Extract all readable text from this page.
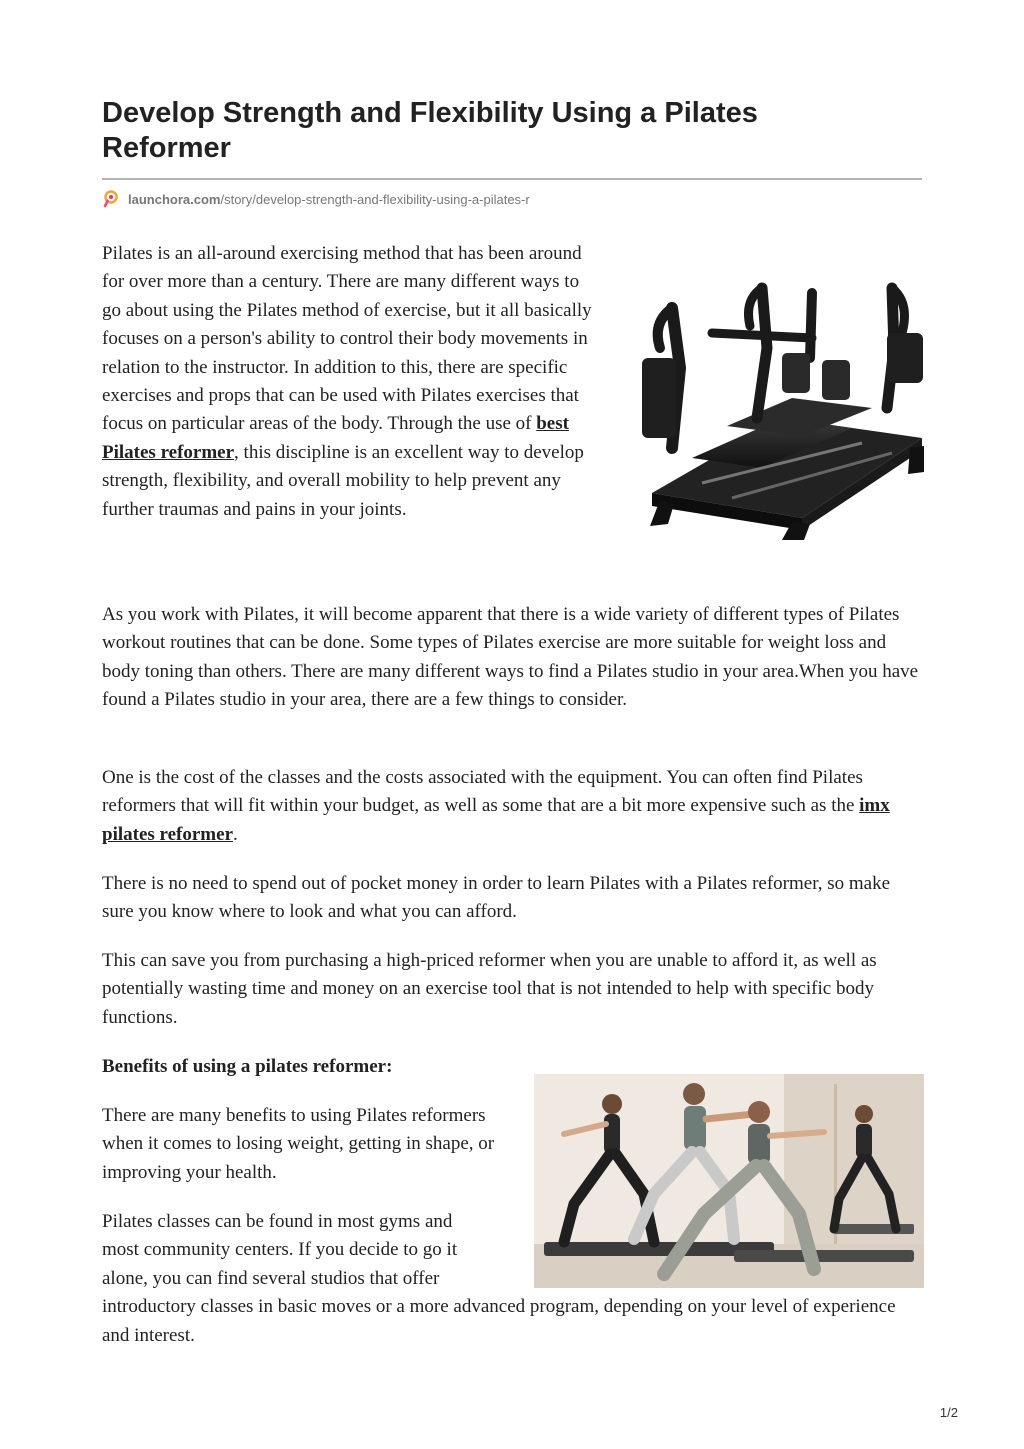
Develop Strength and Flexibility Using a Pilates Reformer
launchora.com /story/develop-strength-and-flexibility-using-a-pilates-r

Pilates is an all-around exercising method that has been around for over more than a century. There are many different ways to go about using the Pilates method of exercise, but it all basically focuses on a person's ability to control their body movements in relation to the instructor. In addition to this, there are specific exercises and props that can be used with Pilates exercises that focus on particular areas of the body. Through the use of best Pilates reformer, this discipline is an excellent way to develop strength, flexibility, and overall mobility to help prevent any further traumas and pains in your joints.

As you work with Pilates, it will become apparent that there is a wide variety of different types of Pilates workout routines that can be done. Some types of Pilates exercise are more suitable for weight loss and body toning than others. There are many different ways to find a Pilates studio in your area.When you have found a Pilates studio in your area, there are a few things to consider.

One is the cost of the classes and the costs associated with the equipment. You can often find Pilates reformers that will fit within your budget, as well as some that are a bit more expensive such as the imx pilates reformer.

There is no need to spend out of pocket money in order to learn Pilates with a Pilates reformer, so make sure you know where to look and what you can afford.

This can save you from purchasing a high-priced reformer when you are unable to afford it, as well as potentially wasting time and money on an exercise tool that is not intended to help with specific body functions.

Benefits of using a pilates reformer:

There are many benefits to using Pilates reformers when it comes to losing weight, getting in shape, or improving your health.

Pilates classes can be found in most gyms and most community centers. If you decide to go it alone, you can find several studios that offer introductory classes in basic moves or a more advanced program, depending on your level of experience and interest.

1/2
